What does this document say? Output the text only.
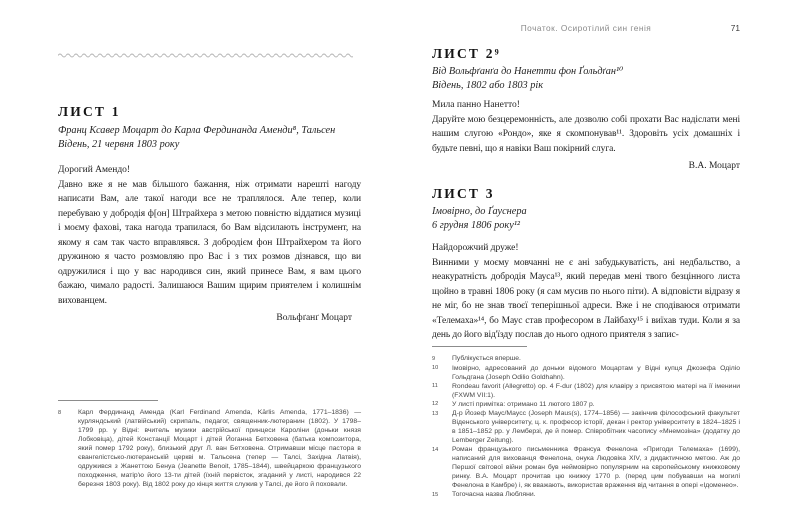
ЛИСТ 1
Франц Ксавер Моцарт до Карла Фердинанда Аменди⁸, Тальсен
Відень, 21 червня 1803 року
Дорогий Амендо!
Давно вже я не мав більшого бажання, ніж отримати нарешті нагоду написати Вам, але такої нагоди все не траплялося. Але тепер, коли перебуваю у добродія ф[он] Штрайхера з метою повністю віддатися музиці і моєму фахові, така нагода трапилася, бо Вам відсилають інструмент, на якому я сам так часто вправлявся. З добродієм фон Штрайхером та його дружиною я часто розмовляю про Вас і з тих розмов дізнався, що ви одружилися і що у вас народився син, який принесе Вам, я вам цього бажаю, чимало радості. Залишаюся Вашим щирим приятелем і колишнім вихованцем.
Вольфґанґ Моцарт
8	Карл Фердинанд Аменда (Karl Ferdinand Amenda, Kārlis Amenda, 1771–1836) — курляндський (латвійський) скрипаль, педагог, священник-лютеранин (1802). У 1798–1799 рр. у Відні: вчитель музики австрійської принцеси Кароліни (доньки князя Лобковіца), дітей Констанції Моцарт і дітей Йоганна Бетховена (батька композитора, який помер 1792 року), близький друг Л. ван Бетховена. Отримавши місце пастора в євангелістсько-лютеранській церкві м. Тальсена (тепер — Талсі, Західна Латвія), одружився з Жанеттою Бенуа (Jeanette Benoit, 1785–1844), швейцаркою французького походження, матір'ю його 13-ти дітей (їхній первісток, згаданий у листі, народився 22 березня 1803 року). Від 1802 року до кінця життя служив у Талсі, де його й поховали.
Початок. Осиротілий син генія	71
ЛИСТ 2⁹
Від Вольфґанґа до Нанетти фон Ґольдґан¹⁰
Відень, 1802 або 1803 рік
Мила панно Нанетто!
Даруйте мою безцеремонність, але дозволю собі прохати Вас надіслати мені нашим слугою «Рондо», яке я скомпонував¹¹. Здоровіть усіх домашніх і будьте певні, що я навіки Ваш покірний слуга.
В.А. Моцарт
ЛИСТ 3
Імовірно, до Ґауснера
6 грудня 1806 року¹²
Найдорожчий друже!
Винними у моєму мовчанні не є ані забудькуватість, ані недбальство, а неакуратність добродія Мауса¹³, який передав мені твого безцінного листа щойно в травні 1806 року (я сам мусив по нього піти). А відповісти відразу я не міг, бо не знав твоєї теперішньої адреси. Вже і не сподіваюся отримати «Телемаха»¹⁴, бо Маус став професором в Лайбаху¹⁵ і виїхав туди. Коли я за день до його від'їзду послав до нього одного приятеля з запис-
9	Публікується вперше.
10	Імовірно, адресований до доньки відомого Моцартам у Відні купця Джозефа Оділіо Гольдгана (Joseph Odilio Goldhahn).
11	Rondeau favorit (Allegretto) op. 4 F-dur (1802) для клавіру з присвятою матері на її іменини (FXWM VII:1).
12	У листі примітка: отримано 11 лютого 1807 р.
13	Д-р Йозеф Маус/Маусс (Joseph Maus(s), 1774–1856) — закінчив філософський факультет Віденського університету, ц. к. професор історії, декан і ректор університету в 1824–1825 і в 1851–1852 рр. у Лемберзі, де й помер. Співробітник часопису «Мнемозіна» (додатку до Lemberger Zeitung).
14	Роман французького письменника Франсуа Фенелона «Пригоди Телемаха» (1699), написаний для вихованця Фенелона, онука Людовіка XIV, з дидактичною метою. Аж до Першої світової війни роман був неймовірно популярним на європейському книжковому ринку. В.А. Моцарт прочитав цю книжку 1770 р. (перед цим побувавши на могилі Фенелона в Камбре) і, як вважають, використав враження від читання в опері «Ідоменео».
15	Тогочасна назва Любляни.
